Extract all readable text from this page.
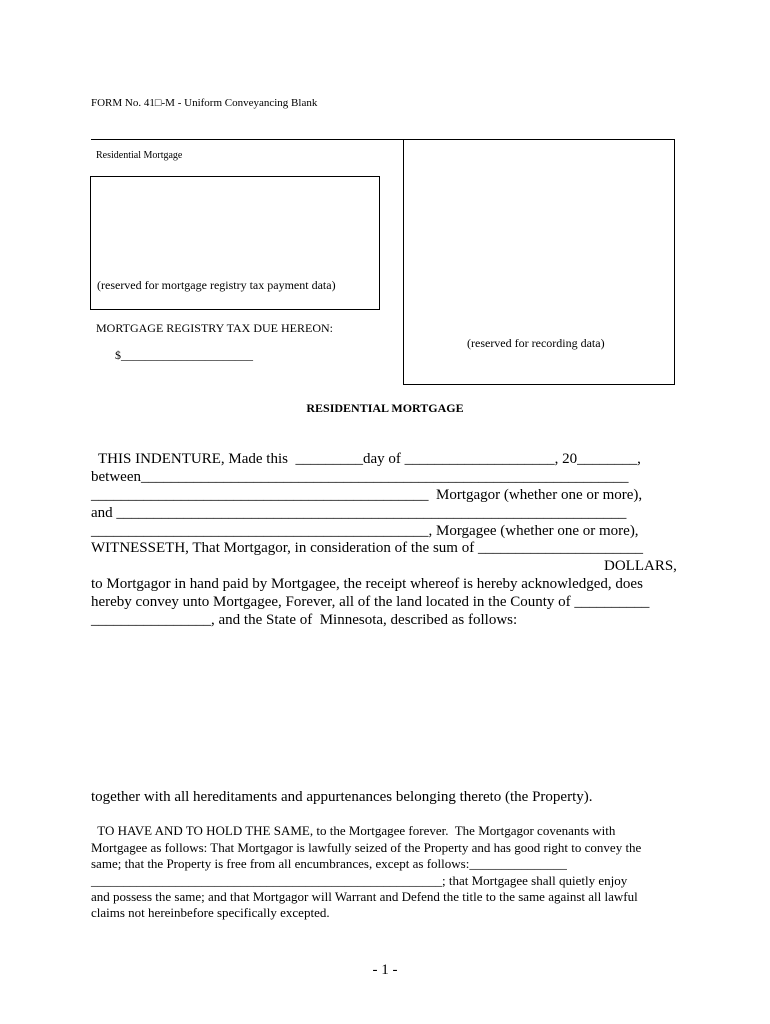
FORM No. 41□-M - Uniform Conveyancing Blank
Residential Mortgage
(reserved for mortgage registry tax payment data)
MORTGAGE REGISTRY TAX DUE HEREON:
$______________________
(reserved for recording data)
RESIDENTIAL MORTGAGE
THIS INDENTURE, Made this  _________day of ____________________, 20________,
between_________________________________________________________________
_____________________________________________  Mortgagor (whether one or more),
and ____________________________________________________________________
_____________________________________________, Morgagee (whether one or more),
WITNESSETH, That Mortgagor, in consideration of the sum of ______________________
DOLLARS,
to Mortgagor in hand paid by Mortgagee, the receipt whereof is hereby acknowledged, does
hereby convey unto Mortgagee, Forever, all of the land located in the County of __________
________________, and the State of  Minnesota, described as follows:
together with all hereditaments and appurtenances belonging thereto (the Property).
TO HAVE AND TO HOLD THE SAME, to the Mortgagee forever.  The Mortgagor covenants with
Mortgagee as follows: That Mortgagor is lawfully seized of the Property and has good right to convey the
same; that the Property is free from all encumbrances, except as follows:_______________
______________________________________________________; that Mortgagee shall quietly enjoy
and possess the same; and that Mortgagor will Warrant and Defend the title to the same against all lawful
claims not hereinbefore specifically excepted.
- 1 -
